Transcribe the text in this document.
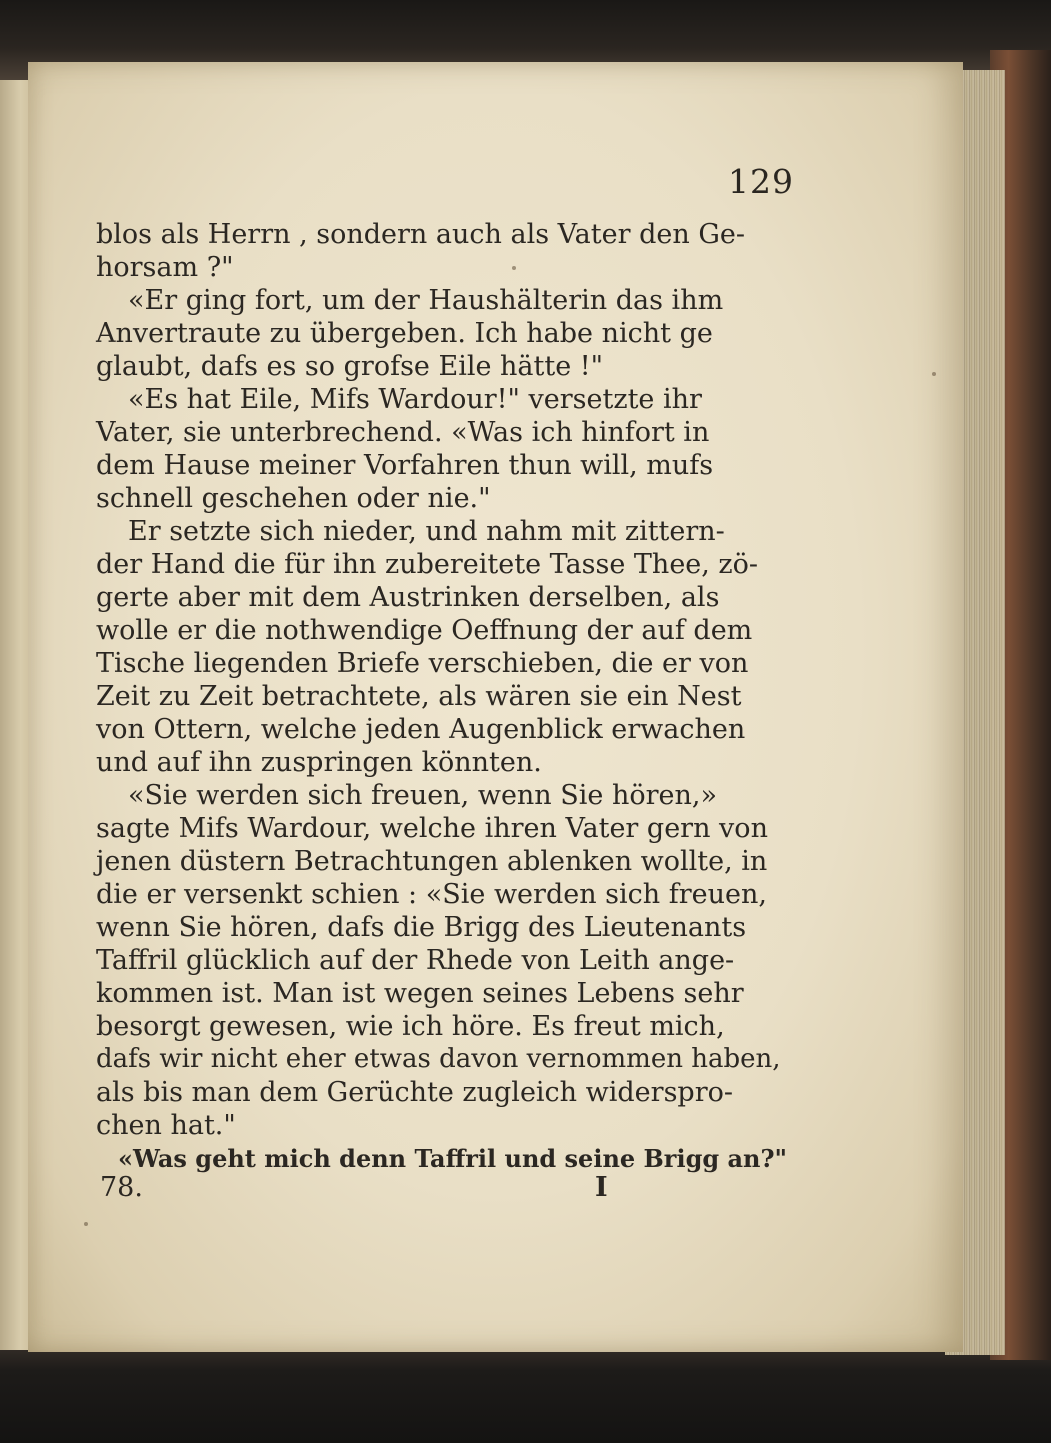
129
blos als Herrn , sondern auch als Vater den Ge-
horsam ?"
«Er ging fort, um der Haushälterin das ihm
Anvertraute zu übergeben. Ich habe nicht ge
glaubt, dafs es so grofse Eile hätte !"
«Es hat Eile, Mifs Wardour!" versetzte ihr
Vater, sie unterbrechend. «Was ich hinfort in
dem Hause meiner Vorfahren thun will, mufs
schnell geschehen oder nie."
Er setzte sich nieder, und nahm mit zittern-
der Hand die für ihn zubereitete Tasse Thee, zö-
gerte aber mit dem Austrinken derselben, als
wolle er die nothwendige Oeffnung der auf dem
Tische liegenden Briefe verschieben, die er von
Zeit zu Zeit betrachtete, als wären sie ein Nest
von Ottern, welche jeden Augenblick erwachen
und auf ihn zuspringen könnten.
«Sie werden sich freuen, wenn Sie hören,»
sagte Mifs Wardour, welche ihren Vater gern von
jenen düstern Betrachtungen ablenken wollte, in
die er versenkt schien : «Sie werden sich freuen,
wenn Sie hören, dafs die Brigg des Lieutenants
Taffril glücklich auf der Rhede von Leith ange-
kommen ist. Man ist wegen seines Lebens sehr
besorgt gewesen, wie ich höre. Es freut mich,
dafs wir nicht eher etwas davon vernommen haben,
als bis man dem Gerüchte zugleich widerspro-
chen hat."
«Was geht mich denn Taffril und seine Brigg an?"
78.	I
